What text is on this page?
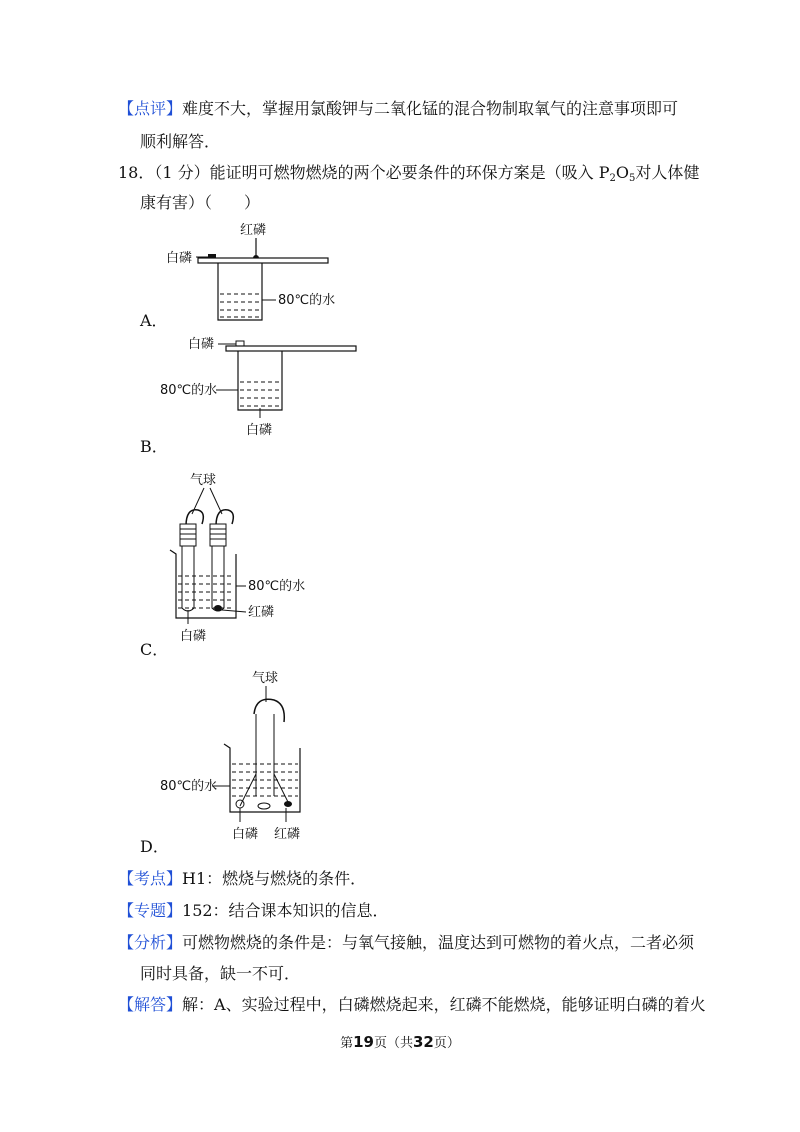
【点评】难度不大，掌握用氯酸钾与二氧化锰的混合物制取氧气的注意事项即可
顺利解答．
18．（1 分）能证明可燃物燃烧的两个必要条件的环保方案是（吸入 $P_2O_5$对人体健
康有害）（　　）
红磷
白磷
80℃的水
A．
白磷
80℃的水
白磷
B．
气球
80℃的水
红磷
白磷
C．
气球
80℃的水
白磷 红磷
D．
【考点】H1：燃烧与燃烧的条件．
【专题】152：结合课本知识的信息．
【分析】可燃物燃烧的条件是：与氧气接触，温度达到可燃物的着火点，二者必须
同时具备，缺一不可．
【解答】解：A、实验过程中，白磷燃烧起来，红磷不能燃烧，能够证明白磷的着火
第19页（共32页）
